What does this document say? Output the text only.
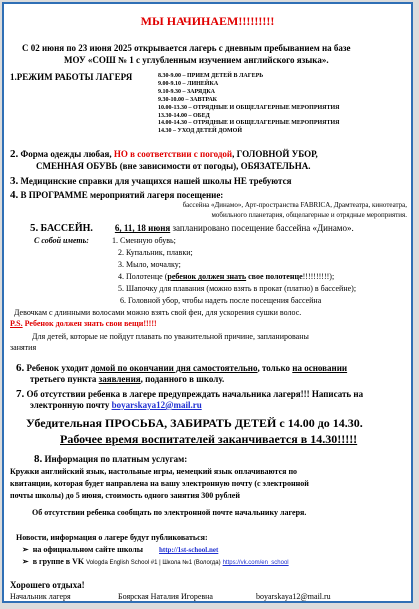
МЫ НАЧИНАЕМ!!!!!!!!!
С 02 июня по 23 июня 2025 открывается лагерь с дневным пребыванием на базе
МОУ «СОШ № 1 с углубленным изучением английского языка».
1.РЕЖИМ РАБОТЫ ЛАГЕРЯ	8.30-9.00 – ПРИЕМ ДЕТЕЙ В ЛАГЕРЬ
9.00-9.10 – ЛИНЕЙКА
9.10-9.30 – ЗАРЯДКА
9.30-10.00 – ЗАВТРАК
10.00-13.30 – ОТРЯДНЫЕ И ОБЩЕЛАГЕРНЫЕ МЕРОПРИЯТИЯ
13.30-14.00 – ОБЕД
14.00-14.30 – ОТРЯДНЫЕ И ОБЩЕЛАГЕРНЫЕ МЕРОПРИЯТИЯ
14.30 – УХОД ДЕТЕЙ ДОМОЙ
2. Форма одежды любая, НО в соответствии с погодой, ГОЛОВНОЙ УБОР,
СМЕННАЯ ОБУВЬ (вне зависимости от погоды), ОБЯЗАТЕЛЬНА.
3. Медицинские справки для учащихся нашей школы НЕ требуются
4. В ПРОГРАММЕ мероприятий лагеря посещение:
бассейна «Динамо», Арт-пространства FABRICA, Драмтеатра, кинотеатра,
мобильного планетария, общелагерные и отрядные мероприятия.
5. БАССЕЙН. 6, 11, 18 июня запланировано посещение бассейна «Динамо».
С собой иметь:	1. Сменную обувь;
2. Купальник, плавки;
3. Мыло, мочалку;
4. Полотенце (ребенок должен знать свое полотенце!!!!!!!!!!);
5. Шапочку для плавания (можно взять в прокат (платно) в бассейне);
6. Головной убор, чтобы надеть после посещения бассейна
Девочкам с длинными волосами можно взять свой фен, для ускорения сушки волос.
P.S. Ребенок должен знать свои вещи!!!!!
Для детей, которые не пойдут плавать по уважительной причине, запланированы
занятия
6. Ребенок уходит домой по окончании дня самостоятельно, только на основании
третьего пункта заявления, поданного в школу.
7. Об отсутствии ребенка в лагере предупреждать начальника лагеря!!! Написать на
электронную почту boyarskaya12@mail.ru
Убедительная ПРОСЬБА, ЗАБИРАТЬ ДЕТЕЙ с 14.00 до 14.30.
Рабочее время воспитателей заканчивается в 14.30!!!!!
8. Информация по платным услугам:
Кружки английский язык, настольные игры, немецкий язык оплачиваются по
квитанции, которая будет направлена на вашу электронную почту (с электронной
почты школы) до 5 июня, стоимость одного занятия 300 рублей
Об отсутствии ребенка сообщать по электронной почте начальнику лагеря.
Новости, информация о лагере будут публиковаться:
➢ на официальном сайте школы http://1st-school.net
➢ в группе в VK Vologda English School #1 | Школа №1 (Вологда) https://vk.com/en_school
Хорошего отдыха!
Начальник лагеря	Боярская Наталия Игоревна	boyarskaya12@mail.ru
